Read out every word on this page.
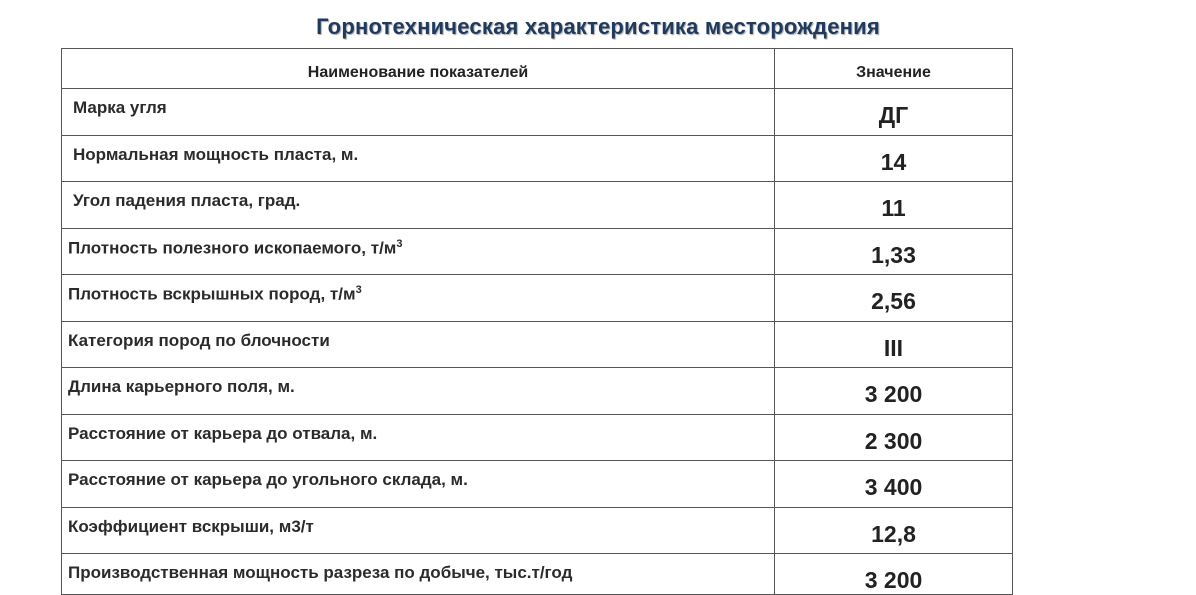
Горнотехническая характеристика месторождения
Наименование показателей	Значение
Марка угля	ДГ
Нормальная мощность пласта, м.	14
Угол падения пласта, град.	11
Плотность полезного ископаемого, $т/м^3$	1,33
Плотность вскрышных пород, $т/м^3$	2,56
Категория пород по блочности	III
Длина карьерного поля, м.	3 200
Расстояние от карьера до отвала, м.	2 300
Расстояние от карьера до угольного склада, м.	3 400
Коэффициент вскрыши, м3/т	12,8
Производственная мощность разреза по добыче, тыс.т/год	3 200
